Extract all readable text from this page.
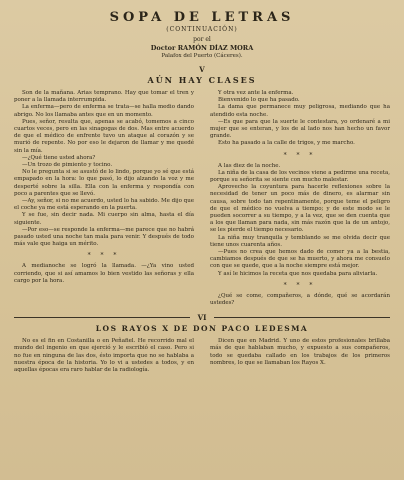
SOPA DE LETRAS
(CONTINUACIÓN)
por el
Doctor RAMÓN DÍAZ MORA
Palafox del Puerto (Cáceres).
V
AÚN HAY CLASES

Son de la mañana. Arias temprano. Hay que tomar el tren y poner a la llamada interrumpida.

La enferma—pero de enferma se trata—se halla medio dando abrigo. No los llamaba antes que en un momento.

Pues, señor, resulta que, apenas se acabó, tomemos a cinco cuartos veces, pero en las sinagogas de dos. Mas entre acuerdo de que el médico de enfrente tuvo un ataque al corazón y se murió de repente. No por eso le dejaron de llamar y me quedé sin la mía.

—¿Qué tiene usted ahora?

—Un trozo de pimiento y tocino.

No le pregunta si se asustó de lo lindo, porque yo sé que está empapado en la hora: lo que pasó, lo dijo alzando la voz y me desperté sobre la silla. Ella con la enferma y respondía con poco a parentes que se llevó.

—Ay, señor, si no me acuerdo, usted lo ha sabido. Me dijo que el coche ya me está esperando en la puerta.

Y se fue, sin decir nada. Mi cuerpo sin alma, hasta el día siguiente.

—Por eso—se responde la enferma—me parece que no habrá pasado usted una noche tan mala para venir. Y después de todo más vale que haiga un mérito.

* * *

A medianoche se logró la llamada. —¿Ya vino usted corriendo, que si así amamos lo bien vestido las señoras y ella cargo por la hora.

Y otra vez ante la enferma.

Bienvenido lo que ha pasado.

La dama que permanece muy peligrosa, mediando que ha atendido esta noche.

—Es que para que la suerte le contestara, yo ordenaré a mi mujer que se enteran, y los de al lado nos han hecho un favor grande.

Esto ha pasado a la calle de trigos, y me marcho.

* * *

A las diez de la noche.

La niña de la casa de los vecinos viene a pedirme una receta, porque su señorita se siente con mucho malestar.

Aprovecho la coyuntura para hacerle reflexiones sobre la necesidad de tener un poco más de dinero, es alarmar sin causa, sobre todo tan repentinamente, porque teme el peligro de que el médico no vuelva a tiempo; y de este modo se le pueden socorrer a su tiempo, y a la vez, que se den cuenta que a los que llaman para nada, sin más razón que la de un antojo, se les pierde el tiempo necesario.

La niña muy tranquila y temblando se me olvida decir que tiene unos cuarenta años.

—Pues no crea que hemos dado de comer ya a la bestia, cambiamos después de que se ha muerto, y ahora me consuelo con que se quede, que a la noche siempre está mejor.

Y así le hicimos la receta que nos quedaba para aliviarla.

* * *

¿Qué se come, compañeros, a dónde, qué se acordarán ustedes?

VI
LOS RAYOS X DE DON PACO LEDESMA

No es el fin en Costanilla o en Peñafiel. He recorrido mal el mundo del ingenio en que ejerció y le escribió el caso. Pero si no fue en ninguna de las dos, ésto importa que no se hablaba a nuestra época de la historia. Yo lo vi a ustedes a todos, y en aquellas épocas era raro hablar de la radiología.

Dicen que en Madrid. Y uno de estos profesionales brillaba más de que hablaban mucho, y expuesto a sus compañeros, todo se quedaba callado en los trabajos de los primeros nombres, lo que se llamaban los Rayos X.
